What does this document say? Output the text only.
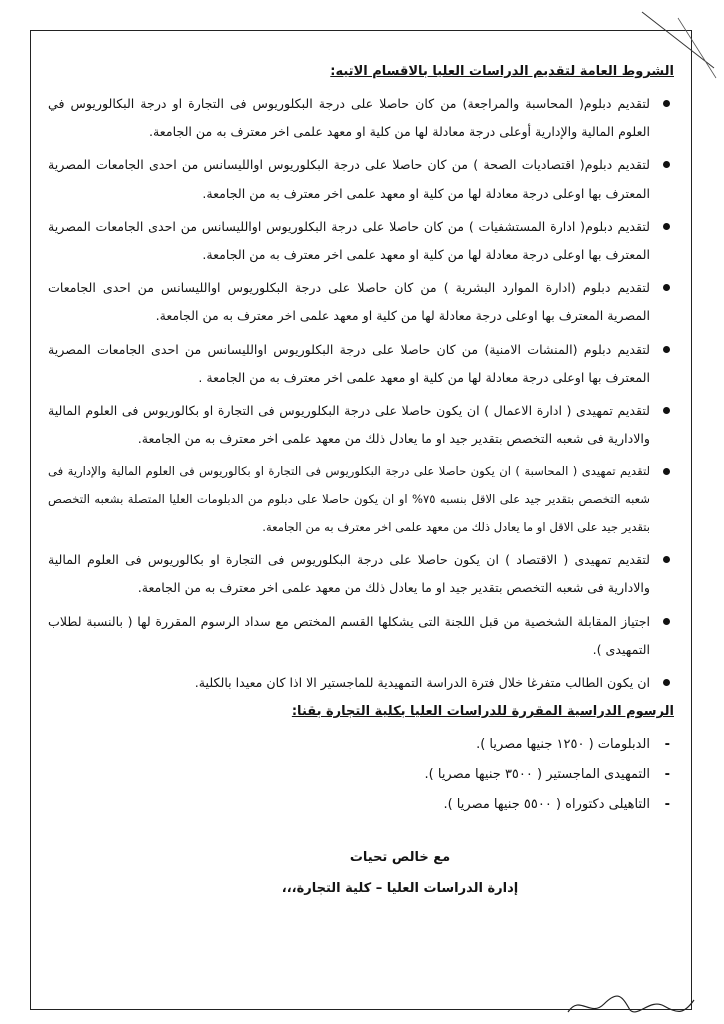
الشروط العامة لتقديم الدراسات العليا بالاقسام الاتيه:
لتقديم دبلوم( المحاسبة والمراجعة) من كان حاصلا على درجة البكلوريوس فى التجارة او درجة البكالوريوس في العلوم المالية والإدارية أوعلى درجة معادلة لها من كلية او معهد علمى اخر معترف به من الجامعة.
لتقديم دبلوم( اقتصاديات الصحة ) من كان حاصلا على درجة البكلوريوس اوالليسانس من احدى الجامعات المصرية المعترف بها اوعلى درجة معادلة لها من كلية او معهد علمى اخر معترف به من الجامعة.
لتقديم دبلوم( ادارة المستشفيات ) من كان حاصلا على درجة البكلوريوس اوالليسانس من احدى الجامعات المصرية المعترف بها اوعلى درجة معادلة لها من كلية او معهد علمى اخر معترف به من الجامعة.
لتقديم دبلوم (ادارة الموارد البشرية ) من كان حاصلا على درجة البكلوريوس اوالليسانس من احدى الجامعات المصرية المعترف بها اوعلى درجة معادلة لها من كلية او معهد علمى اخر معترف به من الجامعة.
لتقديم دبلوم (المنشات الامنية) من كان حاصلا على درجة البكلوريوس اوالليسانس من احدى الجامعات المصرية المعترف بها اوعلى درجة معادلة لها من كلية او معهد علمى اخر معترف به من الجامعة .
لتقديم تمهيدى ( ادارة الاعمال ) ان يكون حاصلا على درجة البكلوريوس فى التجارة او بكالوريوس فى العلوم المالية والادارية فى شعبه التخصص بتقدير جيد او ما يعادل ذلك من معهد علمى اخر معترف به من الجامعة.
لتقديم تمهيدى ( المحاسبة ) ان يكون حاصلا على درجة البكلوريوس فى التجارة او بكالوريوس فى العلوم المالية والإدارية فى شعبه التخصص بتقدير جيد على الاقل بنسبه ٧٥% او ان يكون حاصلا على دبلوم من الدبلومات العليا المتصلة بشعبه التخصص بتقدير جيد على الاقل او ما يعادل ذلك من معهد علمى اخر معترف به من الجامعة.
لتقديم تمهيدى ( الاقتصاد ) ان يكون حاصلا على درجة البكلوريوس فى التجارة او بكالوريوس فى العلوم المالية والادارية فى شعبه التخصص بتقدير جيد او ما يعادل ذلك من معهد علمى اخر معترف به من الجامعة.
اجتياز المقابلة الشخصية من قبل اللجنة التى يشكلها القسم المختص مع سداد الرسوم المقررة لها ( بالنسبة لطلاب التمهيدى ).
ان يكون الطالب متفرغا خلال فترة الدراسة التمهيدية للماجستير الا اذا كان معيدا بالكلية.
الرسوم الدراسية المقررة للدراسات العليا بكلية التجارة بقنا:
-
الدبلومات ( ١٢٥٠ جنيها مصريا ).
-
التمهيدى الماجستير ( ٣٥٠٠ جنيها مصريا ).
-
التاهيلى دكتوراه ( ٥٥٠٠ جنيها مصريا ).
مع خالص تحيات
إدارة الدراسات العليا – كلية التجارة،،،
